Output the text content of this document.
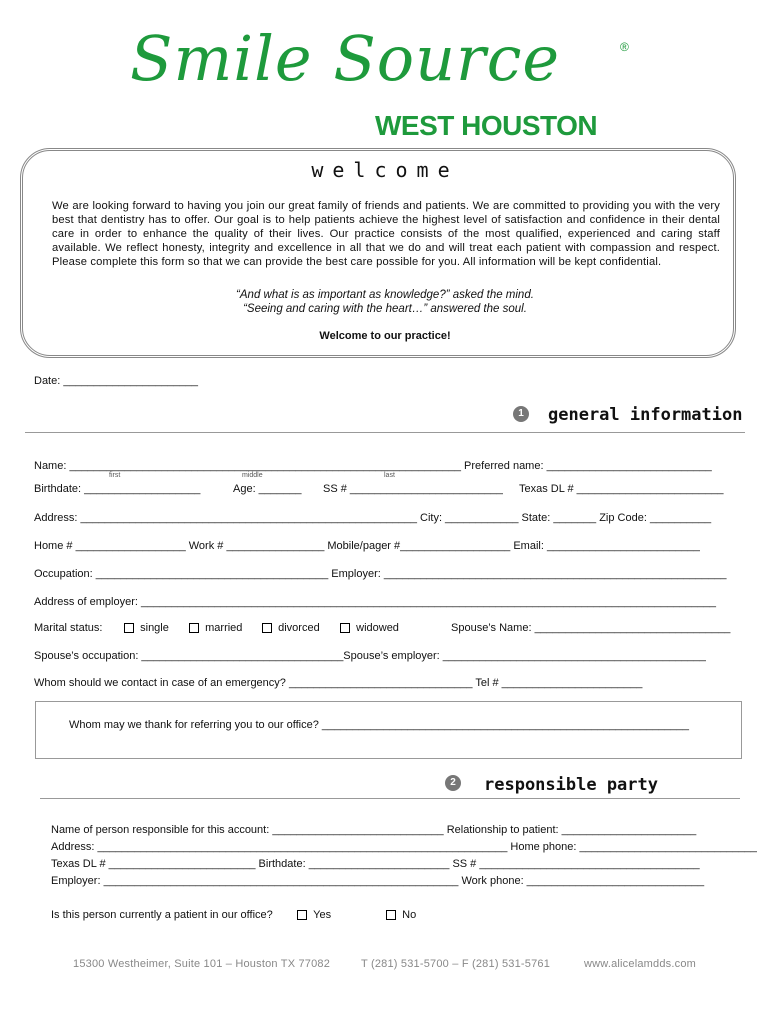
Smile Source	®
WEST HOUSTON
welcome
We are looking forward to having you join our great family of friends and patients. We are committed to providing you with the very best that dentistry has to offer. Our goal is to help patients achieve the highest level of satisfaction and confidence in their dental care in order to enhance the quality of their lives. Our practice consists of the most qualified, experienced and caring staff available. We reflect honesty, integrity and excellence in all that we do and will treat each patient with compassion and respect. Please complete this form so that we can provide the best care possible for you. All information will be kept confidential.
“And what is as important as knowledge?” asked the mind.
“Seeing and caring with the heart…” answered the soul.
Welcome to our practice!
Date: ______________________
1	general information
Name: ________________________________________________________________ Preferred name: ___________________________
first	middle	last
Birthdate: ___________________	Age: _______ SS # _________________________ Texas DL # ________________________
Address: _______________________________________________________ City: ____________ State: _______ Zip Code: __________
Home # __________________ Work # ________________ Mobile/pager #__________________ Email: _________________________
Occupation: ______________________________________ Employer: ________________________________________________________
Address of employer: ______________________________________________________________________________________________
Marital status:	single	married	divorced	widowed	Spouse’s Name: ________________________________
Spouse’s occupation: _________________________________Spouse’s employer: ___________________________________________
Whom should we contact in case of an emergency? ______________________________ Tel # _______________________
Whom may we thank for referring you to our office? ____________________________________________________________
2	responsible party
Name of person responsible for this account: ____________________________ Relationship to patient: ______________________
Address: ___________________________________________________________________ Home phone: _____________________________
Texas DL # ________________________ Birthdate: _______________________ SS # ____________________________________
Employer: __________________________________________________________ Work phone: _____________________________
Is this person currently a patient in our office?	Yes	No
15300 Westheimer, Suite 101 – Houston TX 77082	T (281) 531-5700 – F (281) 531-5761	www.alicelamdds.com
